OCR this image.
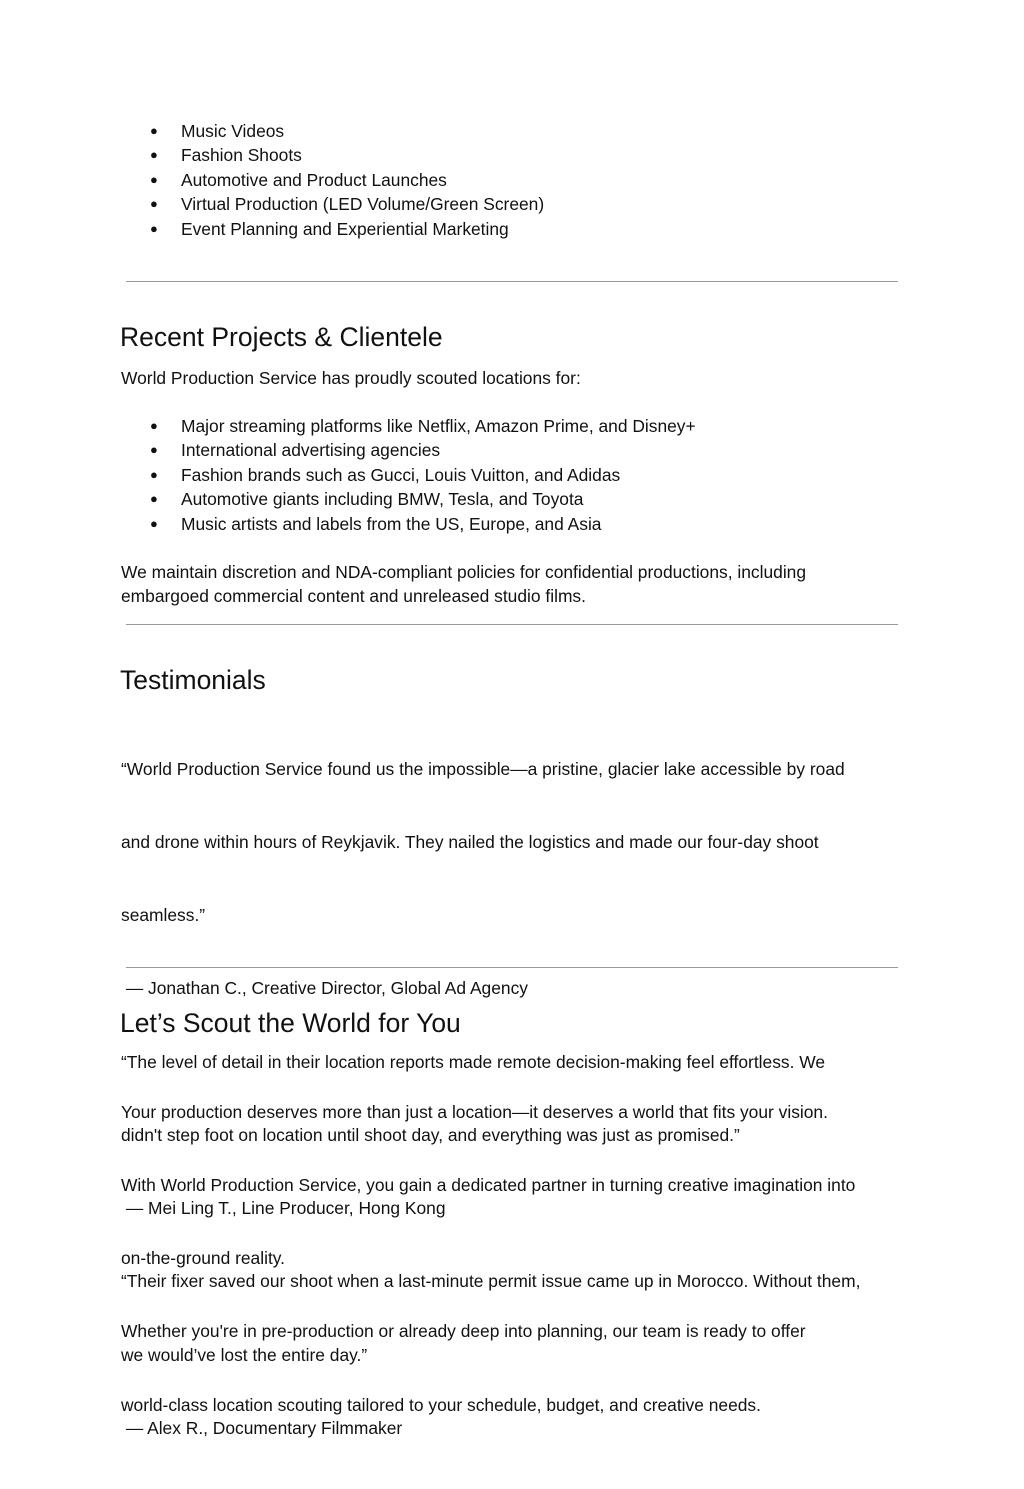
● Music Videos
● Fashion Shoots
● Automotive and Product Launches
● Virtual Production (LED Volume/Green Screen)
● Event Planning and Experiential Marketing
Recent Projects & Clientele

World Production Service has proudly scouted locations for:

● Major streaming platforms like Netflix, Amazon Prime, and Disney+
● International advertising agencies
● Fashion brands such as Gucci, Louis Vuitton, and Adidas
● Automotive giants including BMW, Tesla, and Toyota
● Music artists and labels from the US, Europe, and Asia
We maintain discretion and NDA-compliant policies for confidential productions, including
embargoed commercial content and unreleased studio films.
Testimonials

“World Production Service found us the impossible—a pristine, glacier lake accessible by road

and drone within hours of Reykjavik. They nailed the logistics and made our four-day shoot

seamless.”

— Jonathan C., Creative Director, Global Ad Agency

“The level of detail in their location reports made remote decision-making feel effortless. We

didn't step foot on location until shoot day, and everything was just as promised.”

— Mei Ling T., Line Producer, Hong Kong

“Their fixer saved our shoot when a last-minute permit issue came up in Morocco. Without them,

we would’ve lost the entire day.”

— Alex R., Documentary Filmmaker

Let’s Scout the World for You

Your production deserves more than just a location—it deserves a world that fits your vision.

With World Production Service, you gain a dedicated partner in turning creative imagination into

on-the-ground reality.

Whether you're in pre-production or already deep into planning, our team is ready to offer

world-class location scouting tailored to your schedule, budget, and creative needs.
